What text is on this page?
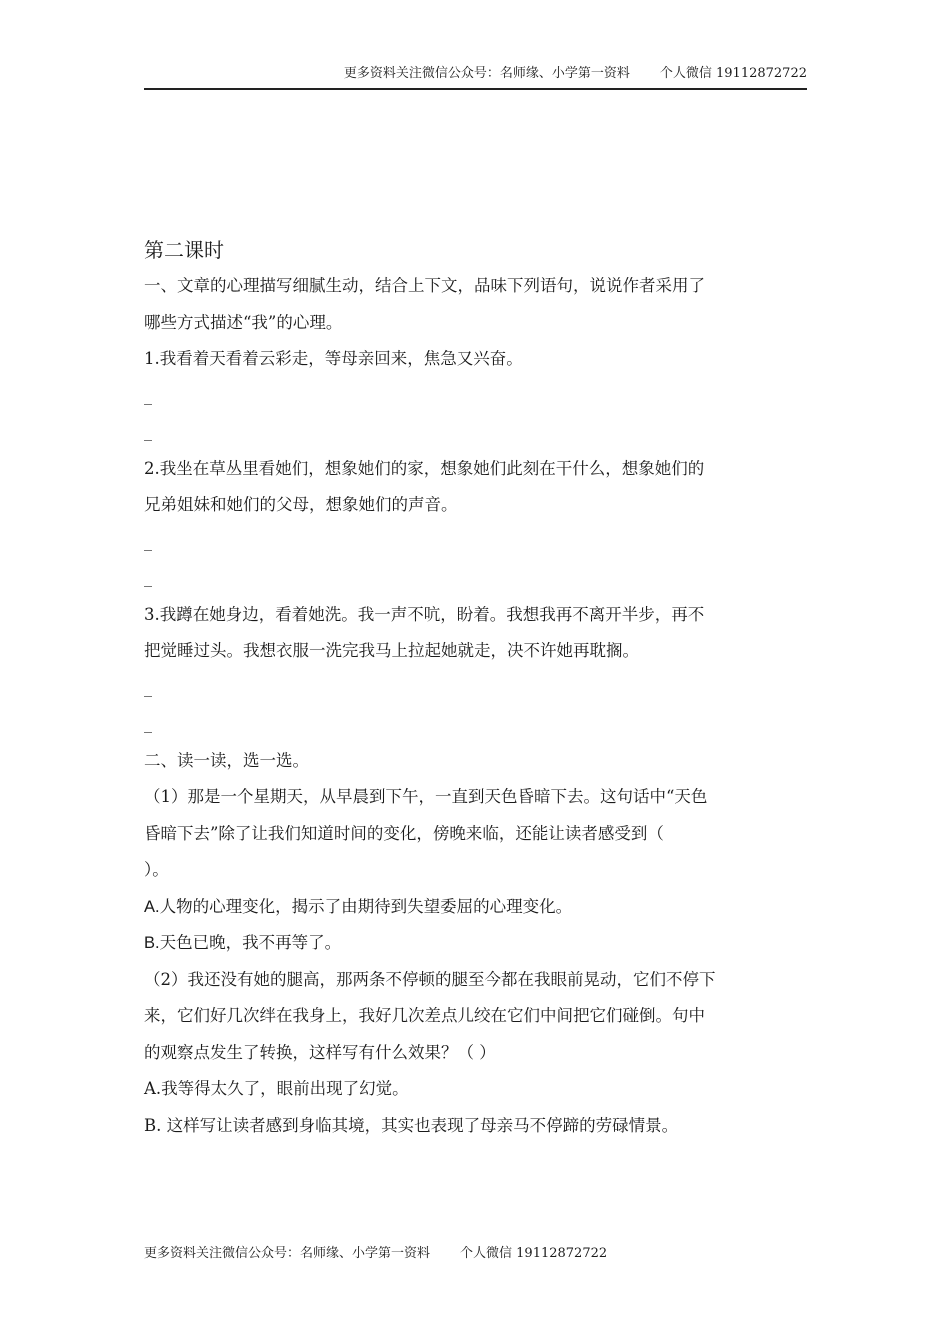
更多资料关注微信公众号：名师缘、小学第一资料 个人微信 19112872722

第二课时

一、文章的心理描写细腻生动，结合上下文，品味下列语句，说说作者采用了

哪些方式描述“我”的心理。

1.我看着天看着云彩走，等母亲回来，焦急又兴奋。

_

_

2.我坐在草丛里看她们，想象她们的家，想象她们此刻在干什么，想象她们的

兄弟姐妹和她们的父母，想象她们的声音。

_

_

3.我蹲在她身边，看着她洗。我一声不吭，盼着。我想我再不离开半步，再不

把觉睡过头。我想衣服一洗完我马上拉起她就走，决不许她再耽搁。

_

_

二、读一读，选一选。

（1）那是一个星期天，从早晨到下午，一直到天色昏暗下去。这句话中“天色

昏暗下去”除了让我们知道时间的变化，傍晚来临，还能让读者感受到（

）。

A.人物的心理变化，揭示了由期待到失望委屈的心理变化。

B.天色已晚，我不再等了。

（2）我还没有她的腿高，那两条不停顿的腿至今都在我眼前晃动，它们不停下

来，它们好几次绊在我身上，我好几次差点儿绞在它们中间把它们碰倒。句中

的观察点发生了转换，这样写有什么效果？（ ）

A.我等得太久了，眼前出现了幻觉。

B. 这样写让读者感到身临其境，其实也表现了母亲马不停蹄的劳碌情景。

更多资料关注微信公众号：名师缘、小学第一资料 个人微信 19112872722
